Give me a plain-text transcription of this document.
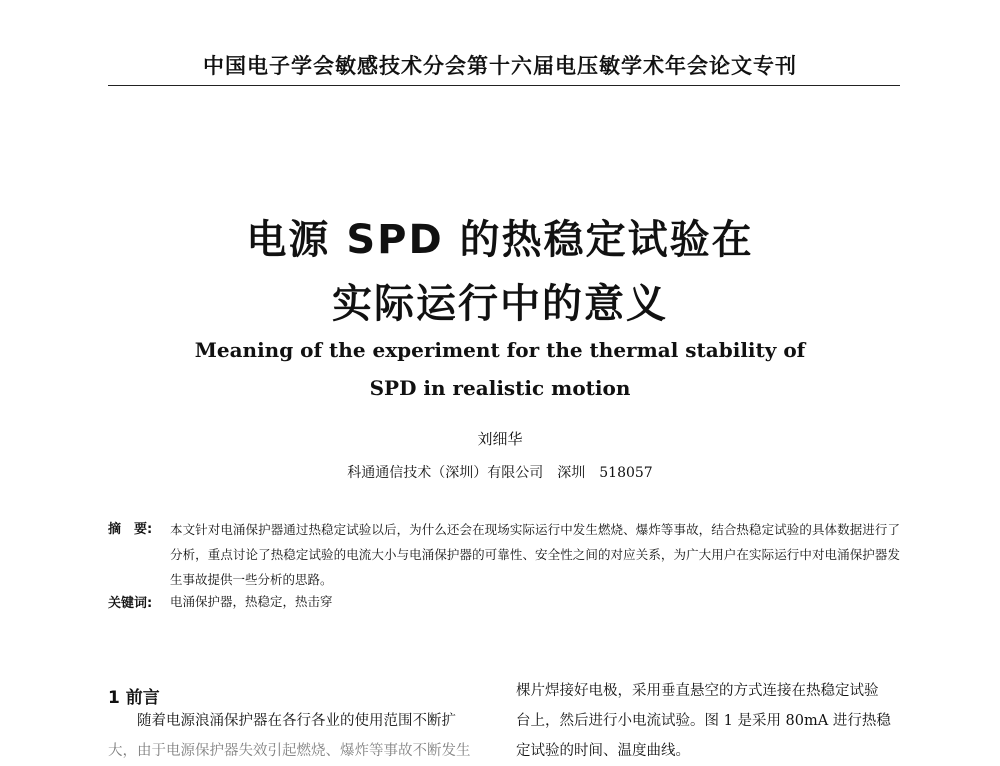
中国电子学会敏感技术分会第十六届电压敏学术年会论文专刊
电源 SPD 的热稳定试验在
实际运行中的意义
Meaning of the experiment for the thermal stability of
SPD in realistic motion
刘细华
科通通信技术（深圳）有限公司　深圳　518057
摘　要: 本文针对电涌保护器通过热稳定试验以后，为什么还会在现场实际运行中发生燃烧、爆炸等事故，结合热稳定试验的具体数据进行了分析，重点讨论了热稳定试验的电流大小与电涌保护器的可靠性、安全性之间的对应关系，为广大用户在实际运行中对电涌保护器发生事故提供一些分析的思路。
关键词: 电涌保护器，热稳定，热击穿
1 前言
随着电源浪涌保护器在各行各业的使用范围不断扩
大，由于电源保护器失效引起燃烧、爆炸等事故不断发生
棵片焊接好电极，采用垂直悬空的方式连接在热稳定试验
台上，然后进行小电流试验。图 1 是采用 80mA 进行热稳
定试验的时间、温度曲线。
